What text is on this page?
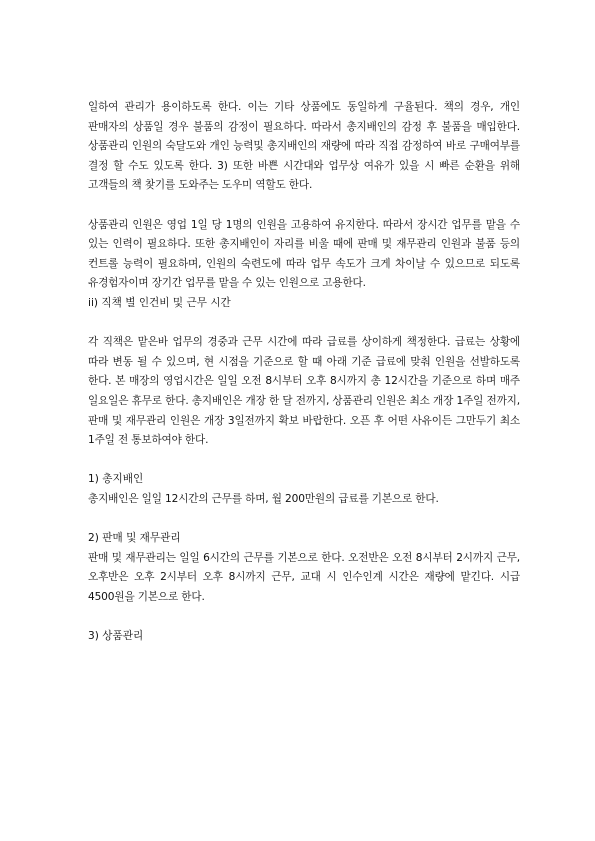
일하여 관리가 용이하도록 한다. 이는 기타 상품에도 동일하게 구율된다. 책의 경우, 개인 판매자의 상품일 경우 불품의 감정이 필요하다. 따라서 총지배인의 감정 후 불품을 매입한다. 상품관리 인원의 숙달도와 개인 능력및 총지배인의 재량에 따라 직접 감정하여 바로 구매여부를 결정 할 수도 있도록 한다. 3) 또한 바쁜 시간대와 업무상 여유가 있을 시 빠른 순환을 위해 고객들의 책 찾기를 도와주는 도우미 역할도 한다.

상품관리 인원은 영업 1일 당 1명의 인원을 고용하여 유지한다. 따라서 장시간 업무를 맡을 수 있는 인력이 필요하다. 또한 총지배인이 자리를 비울 때에 판매 및 재무관리 인원과 불품 등의 컨트롤 능력이 필요하며, 인원의 숙련도에 따라 업무 속도가 크게 차이날 수 있으므로 되도록 유경험자이며 장기간 업무를 맡을 수 있는 인원으로 고용한다.

ii) 직책 별 인건비 및 근무 시간

각 직책은 맡은바 업무의 경중과 근무 시간에 따라 급료를 상이하게 책정한다. 급료는 상황에 따라 변동 될 수 있으며, 현 시점을 기준으로 할 때 아래 기준 급료에 맞춰 인원을 선발하도록 한다. 본 매장의 영업시간은 일일 오전 8시부터 오후 8시까지 총 12시간을 기준으로 하며 매주 일요일은 휴무로 한다. 총지배인은 개장 한 달 전까지, 상품관리 인원은 최소 개장 1주일 전까지, 판매 및 재무관리 인원은 개장 3일전까지 확보 바랍한다. 오픈 후 어떤 사유이든 그만두기 최소 1주일 전 통보하여야 한다.

1) 총지배인

총지배인은 일일 12시간의 근무를 하며, 월 200만원의 급료를 기본으로 한다.

2) 판매 및 재무관리

판매 및 재무관리는 일일 6시간의 근무를 기본으로 한다. 오전반은 오전 8시부터 2시까지 근무, 오후반은 오후 2시부터 오후 8시까지 근무, 교대 시 인수인계 시간은 재량에 맡긴다. 시급 4500원을 기본으로 한다.

3) 상품관리
